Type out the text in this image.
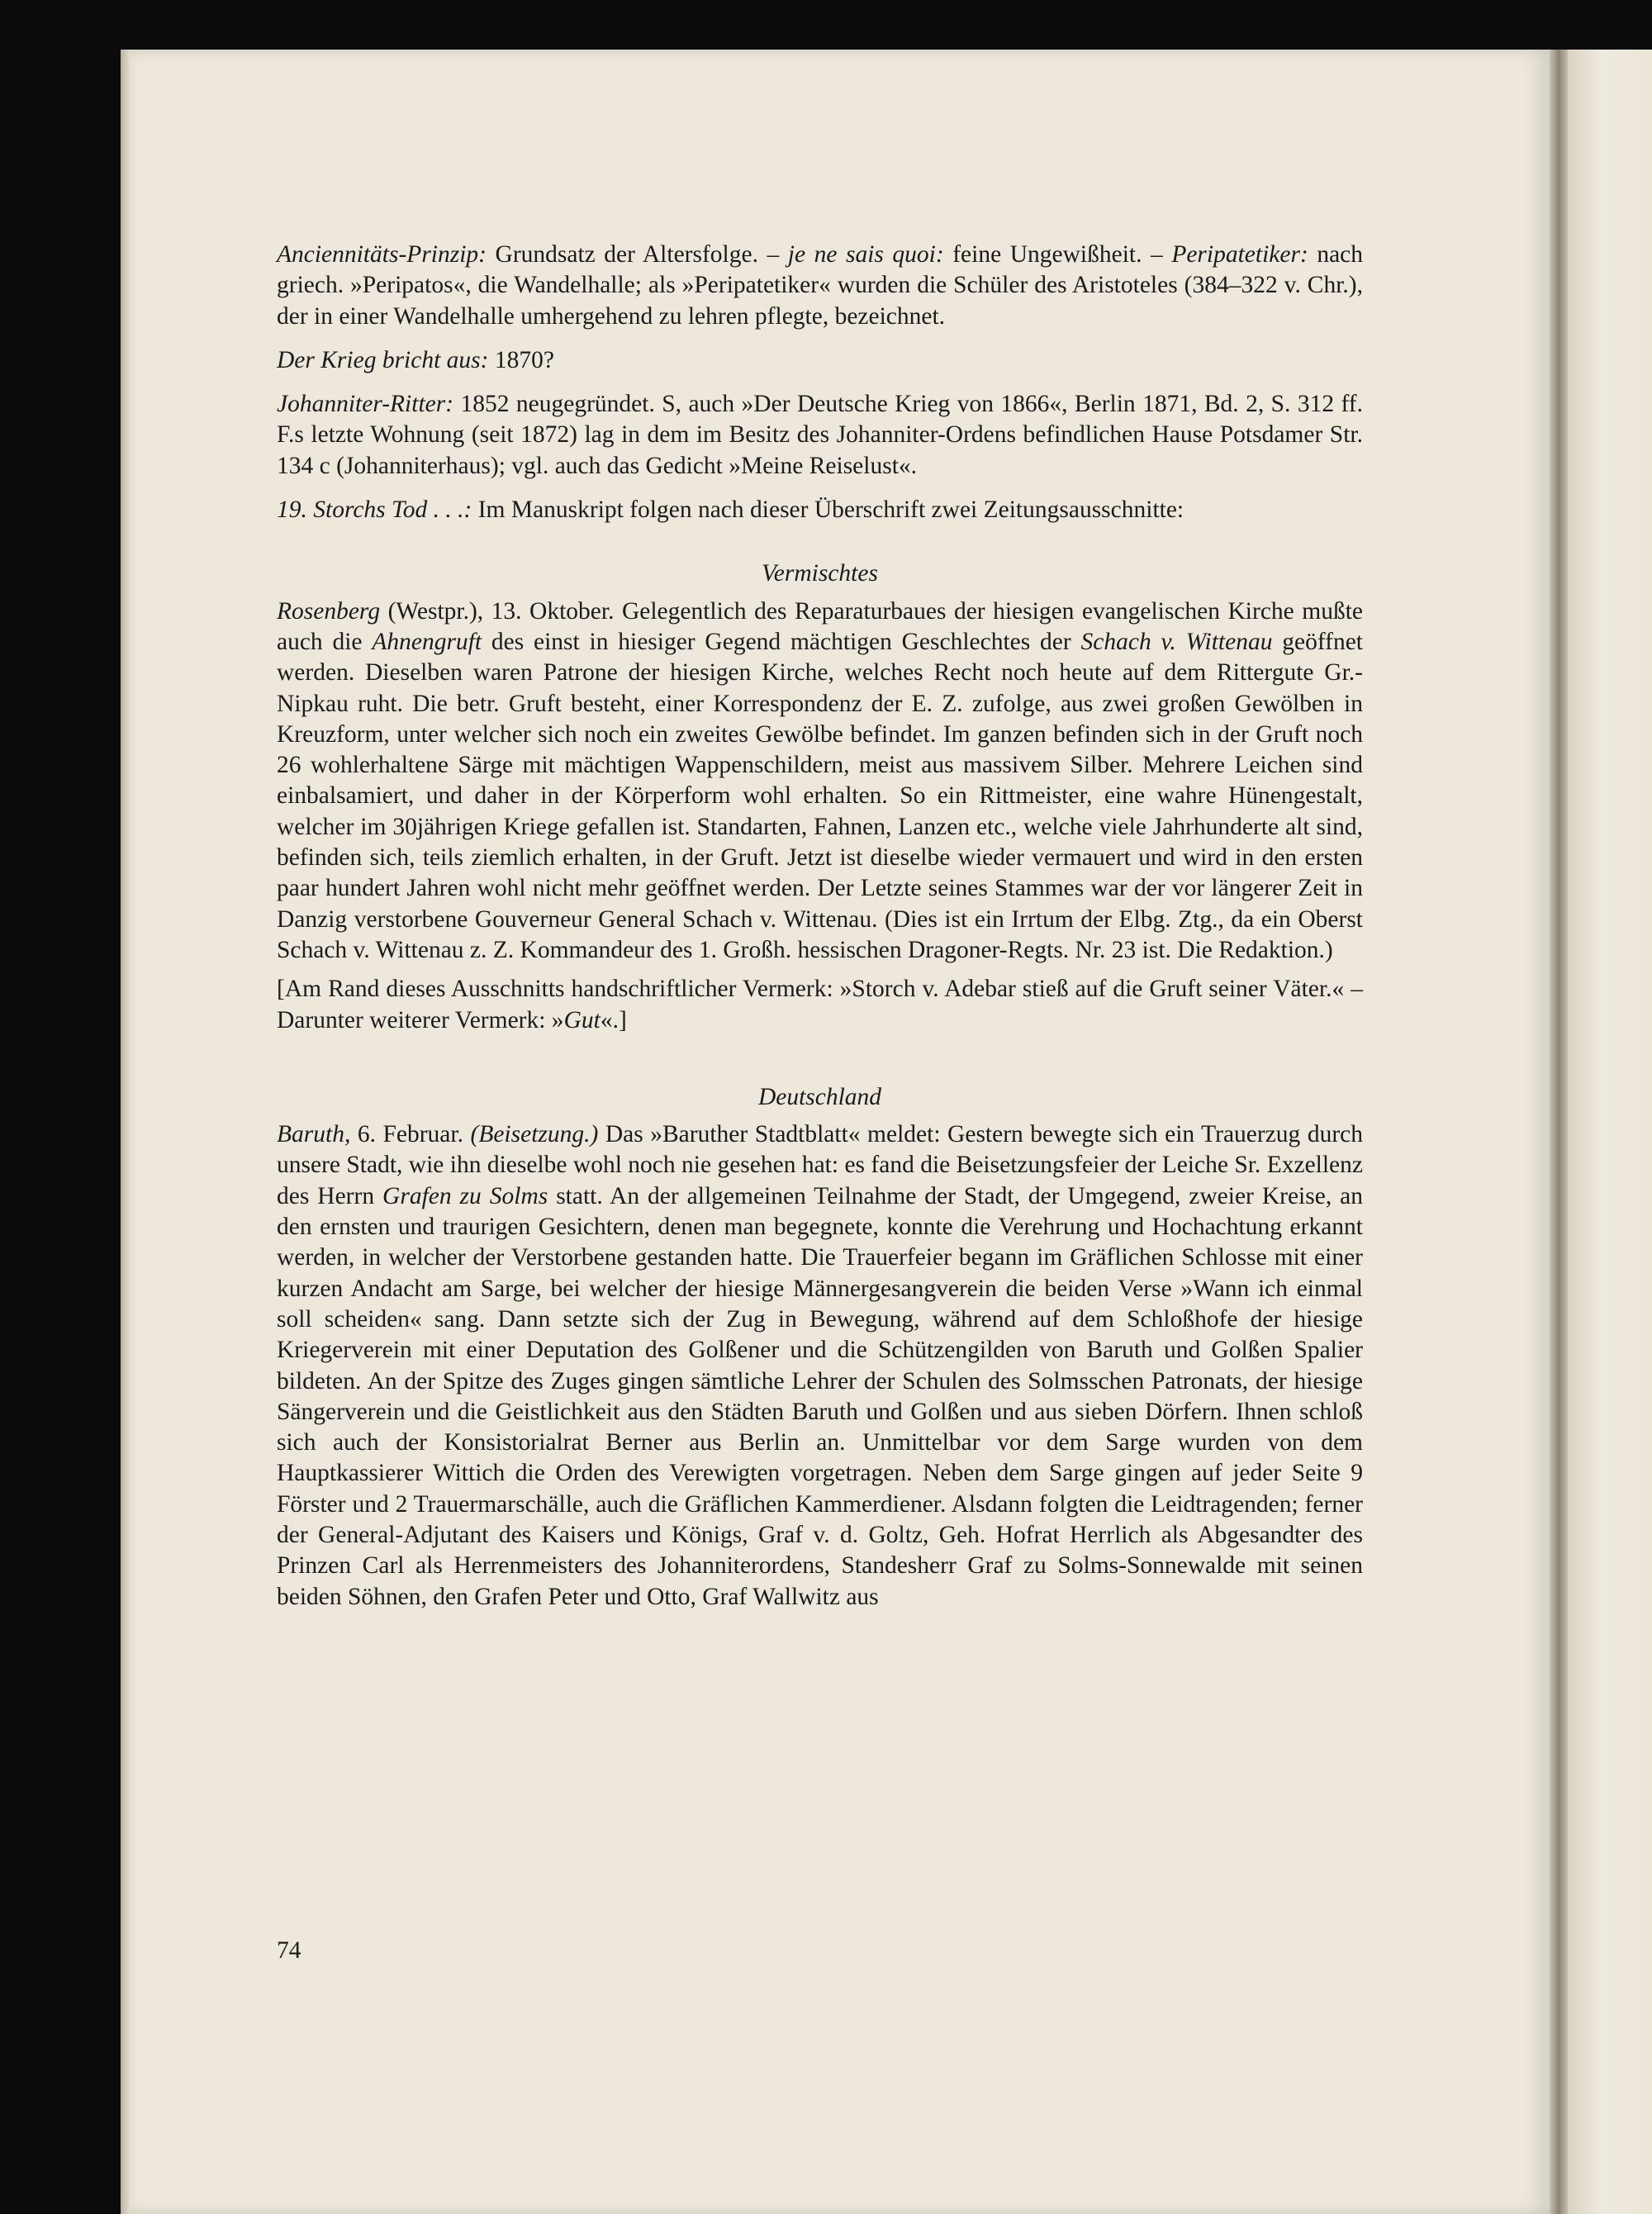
Anciennitäts-Prinzip: Grundsatz der Altersfolge. – je ne sais quoi: feine Ungewißheit. – Peripatetiker: nach griech. »Peripatos«, die Wandelhalle; als »Peripatetiker« wurden die Schüler des Aristoteles (384–322 v. Chr.), der in einer Wandelhalle umhergehend zu lehren pflegte, bezeichnet.

Der Krieg bricht aus: 1870?

Johanniter-Ritter: 1852 neugegründet. S, auch »Der Deutsche Krieg von 1866«, Berlin 1871, Bd. 2, S. 312 ff. F.s letzte Wohnung (seit 1872) lag in dem im Besitz des Johanniter-Ordens befindlichen Hause Potsdamer Str. 134 c (Johanniterhaus); vgl. auch das Gedicht »Meine Reiselust«.

19. Storchs Tod . . .: Im Manuskript folgen nach dieser Überschrift zwei Zeitungsausschnitte:

Vermischtes

Rosenberg (Westpr.), 13. Oktober. Gelegentlich des Reparaturbaues der hiesigen evangelischen Kirche mußte auch die Ahnengruft des einst in hiesiger Gegend mächtigen Geschlechtes der Schach v. Wittenau geöffnet werden. Dieselben waren Patrone der hiesigen Kirche, welches Recht noch heute auf dem Rittergute Gr.-Nipkau ruht. Die betr. Gruft besteht, einer Korrespondenz der E. Z. zufolge, aus zwei großen Gewölben in Kreuzform, unter welcher sich noch ein zweites Gewölbe befindet. Im ganzen befinden sich in der Gruft noch 26 wohlerhaltene Särge mit mächtigen Wappenschildern, meist aus massivem Silber. Mehrere Leichen sind einbalsamiert, und daher in der Körperform wohl erhalten. So ein Rittmeister, eine wahre Hünengestalt, welcher im 30jährigen Kriege gefallen ist. Standarten, Fahnen, Lanzen etc., welche viele Jahrhunderte alt sind, befinden sich, teils ziemlich erhalten, in der Gruft. Jetzt ist dieselbe wieder vermauert und wird in den ersten paar hundert Jahren wohl nicht mehr geöffnet werden. Der Letzte seines Stammes war der vor längerer Zeit in Danzig verstorbene Gouverneur General Schach v. Wittenau. (Dies ist ein Irrtum der Elbg. Ztg., da ein Oberst Schach v. Wittenau z. Z. Kommandeur des 1. Großh. hessischen Dragoner-Regts. Nr. 23 ist. Die Redaktion.)

[Am Rand dieses Ausschnitts handschriftlicher Vermerk: »Storch v. Adebar stieß auf die Gruft seiner Väter.« – Darunter weiterer Vermerk: »Gut«.]

Deutschland

Baruth, 6. Februar. (Beisetzung.) Das »Baruther Stadtblatt« meldet: Gestern bewegte sich ein Trauerzug durch unsere Stadt, wie ihn dieselbe wohl noch nie gesehen hat: es fand die Beisetzungsfeier der Leiche Sr. Exzellenz des Herrn Grafen zu Solms statt. An der allgemeinen Teilnahme der Stadt, der Umgegend, zweier Kreise, an den ernsten und traurigen Gesichtern, denen man begegnete, konnte die Verehrung und Hochachtung erkannt werden, in welcher der Verstorbene gestanden hatte. Die Trauerfeier begann im Gräflichen Schlosse mit einer kurzen Andacht am Sarge, bei welcher der hiesige Männergesangverein die beiden Verse »Wann ich einmal soll scheiden« sang. Dann setzte sich der Zug in Bewegung, während auf dem Schloßhofe der hiesige Kriegerverein mit einer Deputation des Golßener und die Schützengilden von Baruth und Golßen Spalier bildeten. An der Spitze des Zuges gingen sämtliche Lehrer der Schulen des Solmsschen Patronats, der hiesige Sängerverein und die Geistlichkeit aus den Städten Baruth und Golßen und aus sieben Dörfern. Ihnen schloß sich auch der Konsistorialrat Berner aus Berlin an. Unmittelbar vor dem Sarge wurden von dem Hauptkassierer Wittich die Orden des Verewigten vorgetragen. Neben dem Sarge gingen auf jeder Seite 9 Förster und 2 Trauermarschälle, auch die Gräflichen Kammerdiener. Alsdann folgten die Leidtragenden; ferner der General-Adjutant des Kaisers und Königs, Graf v. d. Goltz, Geh. Hofrat Herrlich als Abgesandter des Prinzen Carl als Herrenmeisters des Johanniterordens, Standesherr Graf zu Solms-Sonnewalde mit seinen beiden Söhnen, den Grafen Peter und Otto, Graf Wallwitz aus

74
